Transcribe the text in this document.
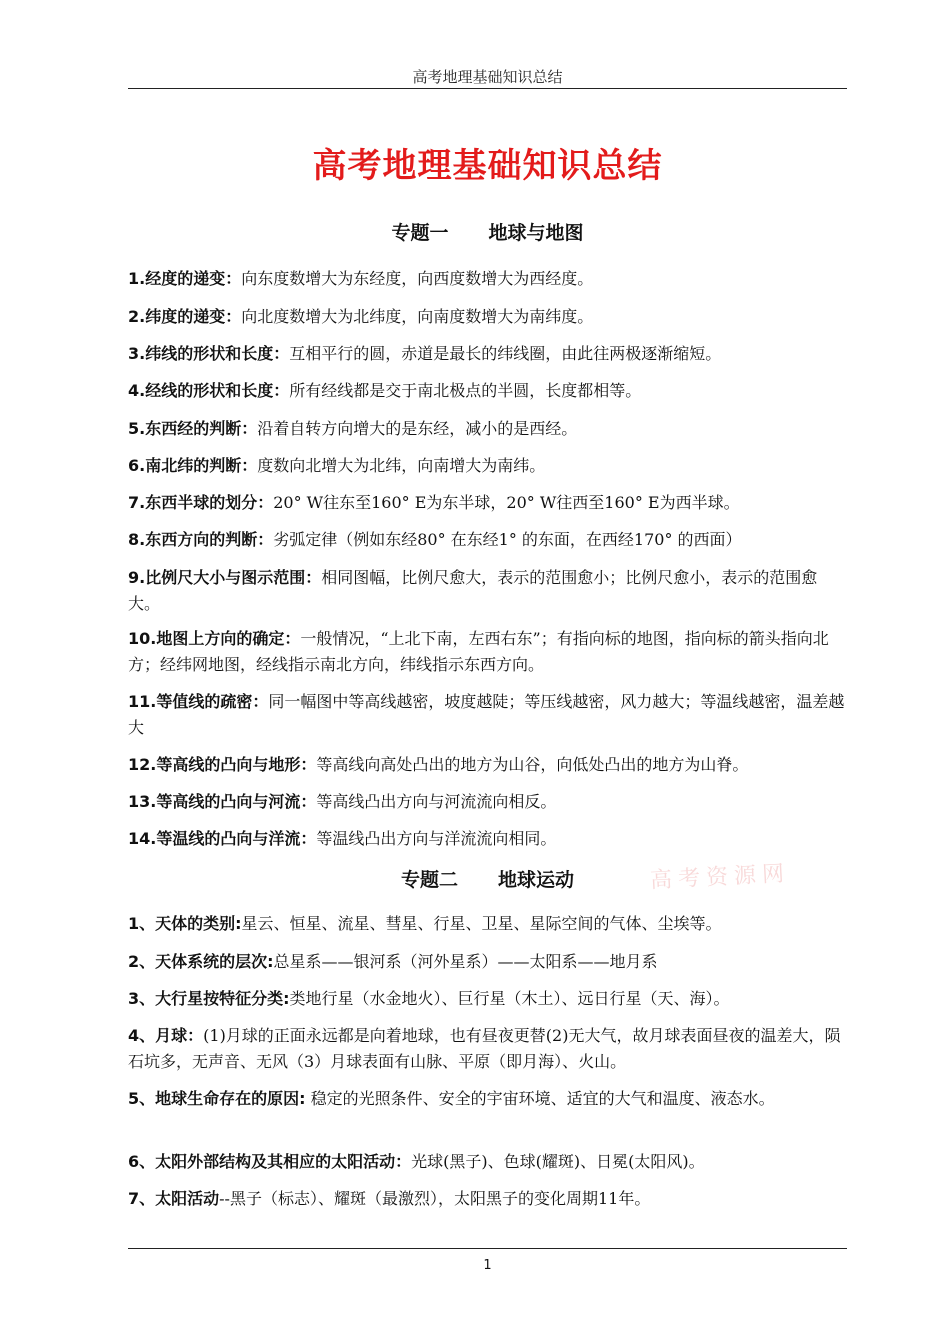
高考地理基础知识总结
高考地理基础知识总结
专题一 地球与地图
1.经度的递变：向东度数增大为东经度，向西度数增大为西经度。
2.纬度的递变：向北度数增大为北纬度，向南度数增大为南纬度。
3.纬线的形状和长度：互相平行的圆，赤道是最长的纬线圈，由此往两极逐渐缩短。
4.经线的形状和长度：所有经线都是交于南北极点的半圆，长度都相等。
5.东西经的判断：沿着自转方向增大的是东经，减小的是西经。
6.南北纬的判断：度数向北增大为北纬，向南增大为南纬。
7.东西半球的划分：20° W往东至160° E为东半球，20° W往西至160° E为西半球。
8.东西方向的判断：劣弧定律（例如东经80° 在东经1° 的东面，在西经170° 的西面）
9.比例尺大小与图示范围：相同图幅，比例尺愈大，表示的范围愈小；比例尺愈小，表示的范围愈大。
10.地图上方向的确定：一般情况，“上北下南，左西右东”；有指向标的地图，指向标的箭头指向北方；经纬网地图，经线指示南北方向，纬线指示东西方向。
11.等值线的疏密：同一幅图中等高线越密，坡度越陡；等压线越密，风力越大；等温线越密，温差越大
12.等高线的凸向与地形：等高线向高处凸出的地方为山谷，向低处凸出的地方为山脊。
13.等高线的凸向与河流：等高线凸出方向与河流流向相反。
14.等温线的凸向与洋流：等温线凸出方向与洋流流向相同。
专题二 地球运动	高考资源网
1、天体的类别:星云、恒星、流星、彗星、行星、卫星、星际空间的气体、尘埃等。
2、天体系统的层次:总星系——银河系（河外星系）——太阳系——地月系
3、大行星按特征分类:类地行星（水金地火）、巨行星（木土）、远日行星（天、海）。
4、月球：(1)月球的正面永远都是向着地球，也有昼夜更替(2)无大气，故月球表面昼夜的温差大，陨石坑多，无声音、无风（3）月球表面有山脉、平原（即月海）、火山。
5、地球生命存在的原因: 稳定的光照条件、安全的宇宙环境、适宜的大气和温度、液态水。
6、太阳外部结构及其相应的太阳活动：光球(黑子)、色球(耀斑)、日冕(太阳风)。
7、太阳活动--黑子（标志）、耀斑（最激烈），太阳黑子的变化周期11年。
1
